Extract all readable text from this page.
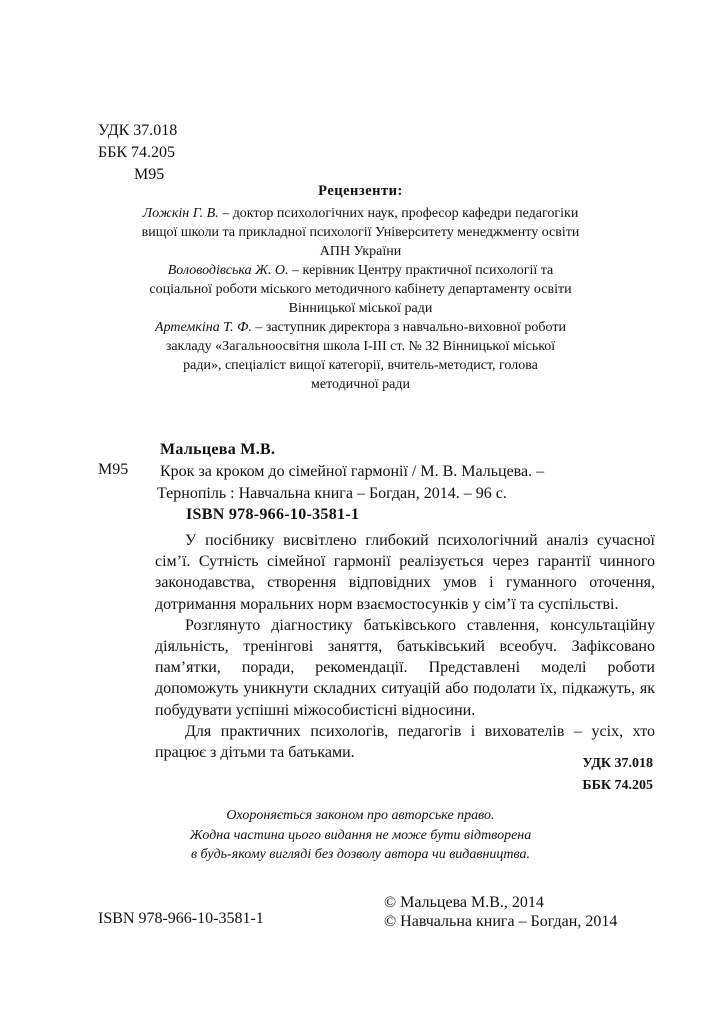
УДК 37.018
ББК 74.205
М95
Рецензенти:
Ложкін Г. В. – доктор психологічних наук, професор кафедри педагогіки вищої школи та прикладної психології Університету менеджменту освіти АПН України
Воловодівська Ж. О. – керівник Центру практичної психології та соціальної роботи міського методичного кабінету департаменту освіти Вінницької міської ради
Артемкіна Т. Ф. – заступник директора з навчально-виховної роботи закладу «Загальноосвітня школа І-ІІІ ст. № 32 Вінницької міської ради», спеціаліст вищої категорії, вчитель-методист, голова методичної ради
Мальцева М.В.
М95 Крок за кроком до сімейної гармонії / М. В. Мальцева. –
Тернопіль : Навчальна книга – Богдан, 2014. – 96 с.
ISBN 978-966-10-3581-1

У посібнику висвітлено глибокий психологічний аналіз сучасної сім’ї. Сутність сімейної гармонії реалізується через гарантії чинного законодавства, створення відповідних умов і гуманного оточення, дотримання моральних норм взаємостосунків у сім’ї та суспільстві.

Розглянуто діагностику батьківського ставлення, консультаційну діяльність, тренінгові заняття, батьківський всеобуч. Зафіксовано пам’ятки, поради, рекомендації. Представлені моделі роботи допоможуть уникнути складних ситуацій або подолати їх, підкажуть, як побудувати успішні міжособистісні відносини.

Для практичних психологів, педагогів і вихователів – усіх, хто працює з дітьми та батьками.

УДК 37.018
ББК 74.205
Охороняється законом про авторське право.
Жодна частина цього видання не може бути відтворена
в будь-якому вигляді без дозволу автора чи видавництва.
ISBN 978-966-10-3581-1
© Мальцева М.В., 2014
© Навчальна книга – Богдан, 2014
